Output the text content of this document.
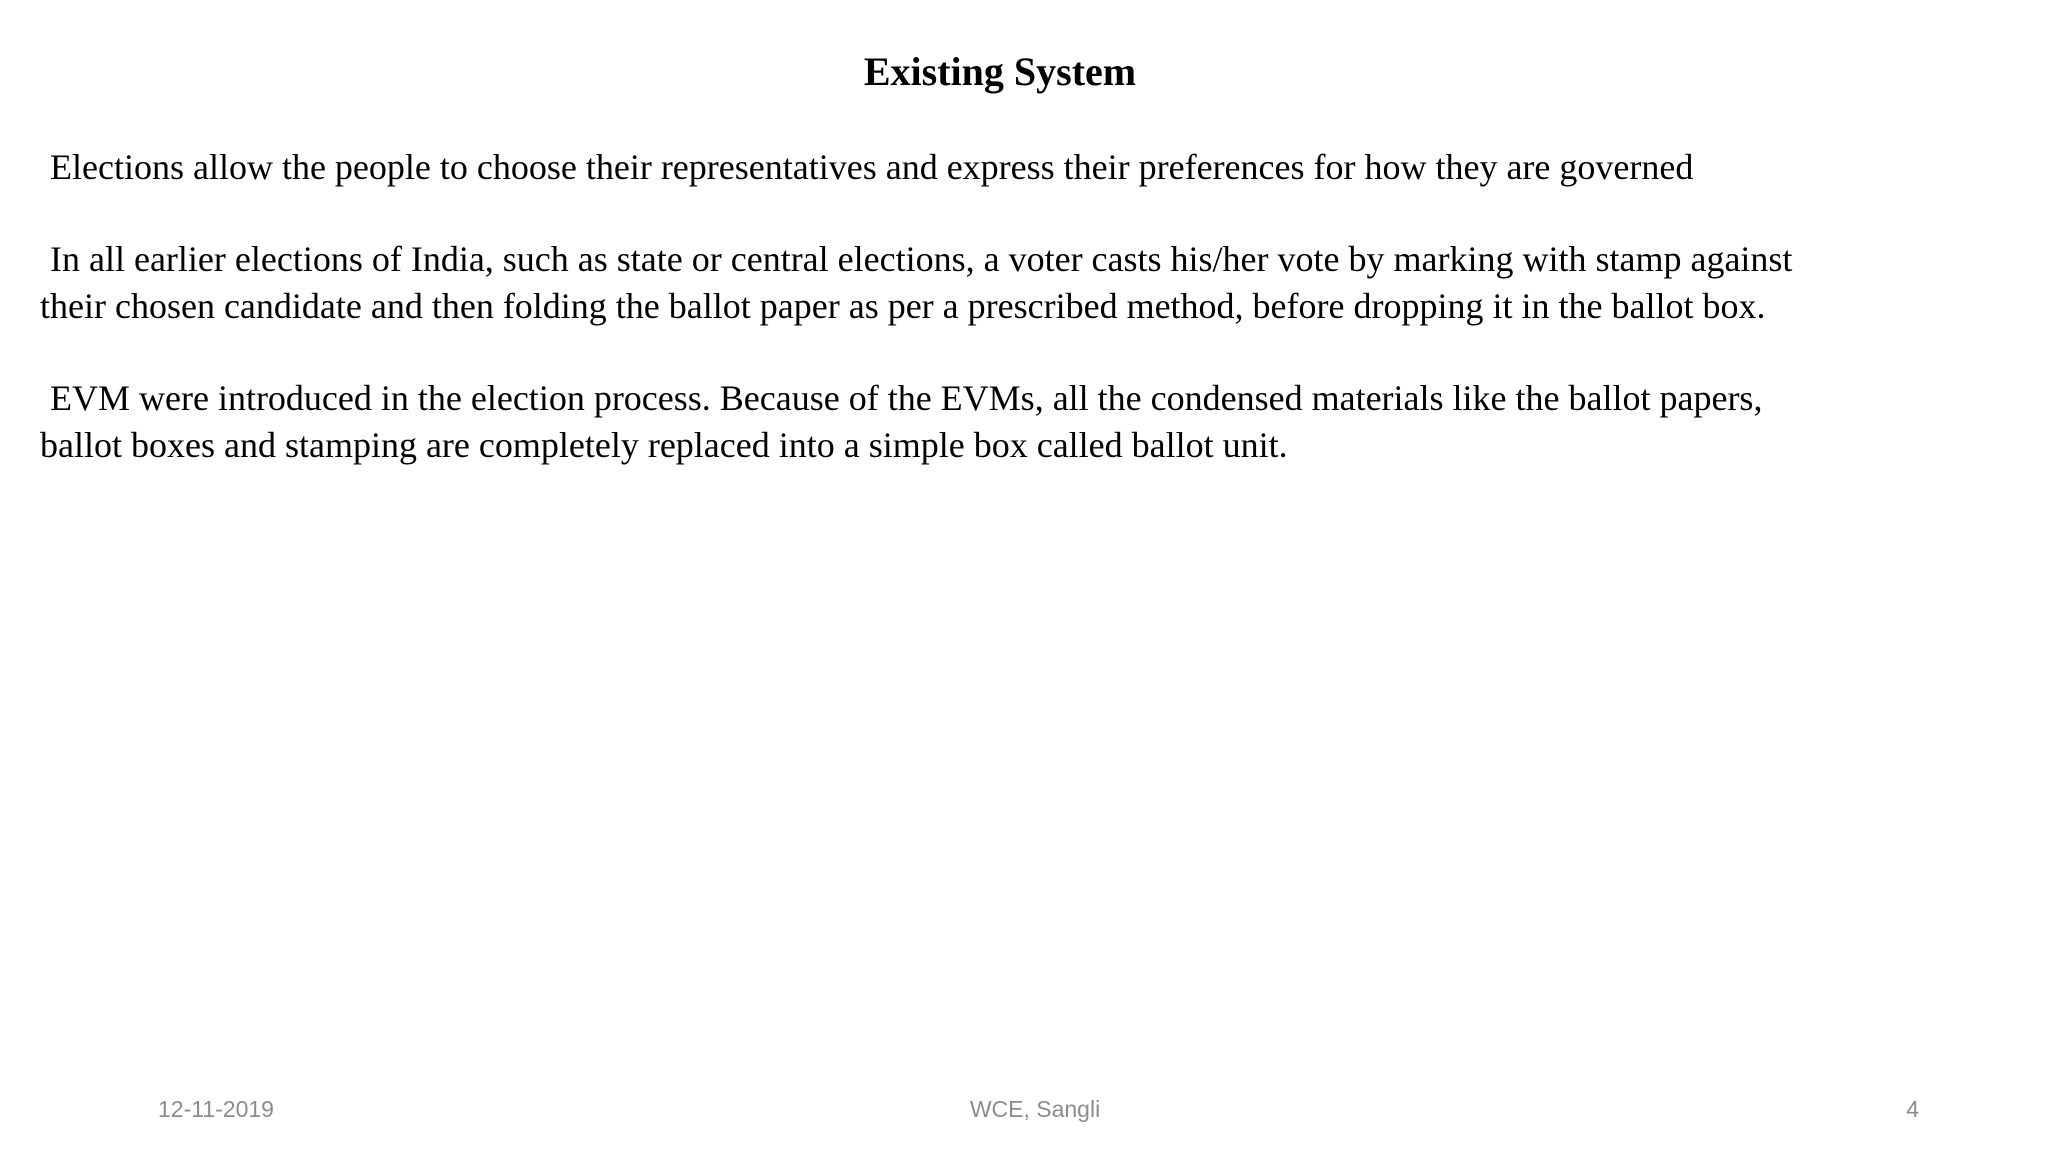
Existing System

Elections allow the people to choose their representatives and express their preferences for how they are governed

In all earlier elections of India, such as state or central elections, a voter casts his/her vote by marking with stamp against
their chosen candidate and then folding the ballot paper as per a prescribed method, before dropping it in the ballot box.

EVM were introduced in the election process. Because of the EVMs, all the condensed materials like the ballot papers,
ballot boxes and stamping are completely replaced into a simple box called ballot unit.

12-11-2019	WCE, Sangli	4
